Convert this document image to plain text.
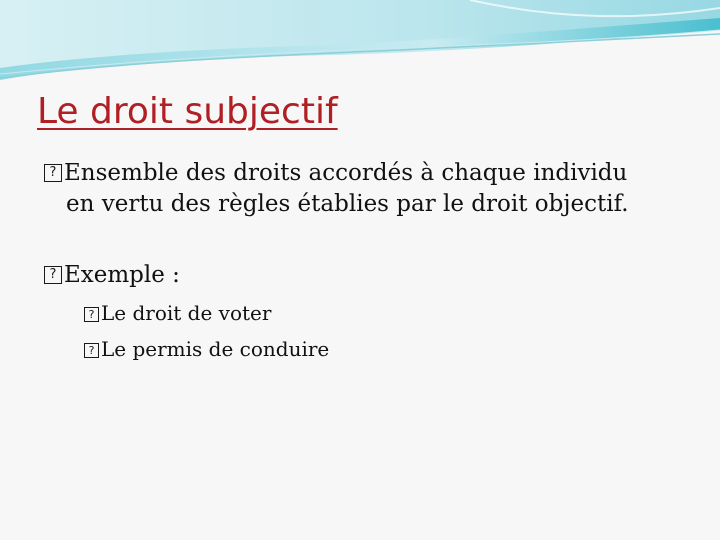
Le droit subjectif
? Ensemble des droits accordés à chaque individu
en vertu des règles établies par le droit objectif.
? Exemple :
? Le droit de voter
? Le permis de conduire
